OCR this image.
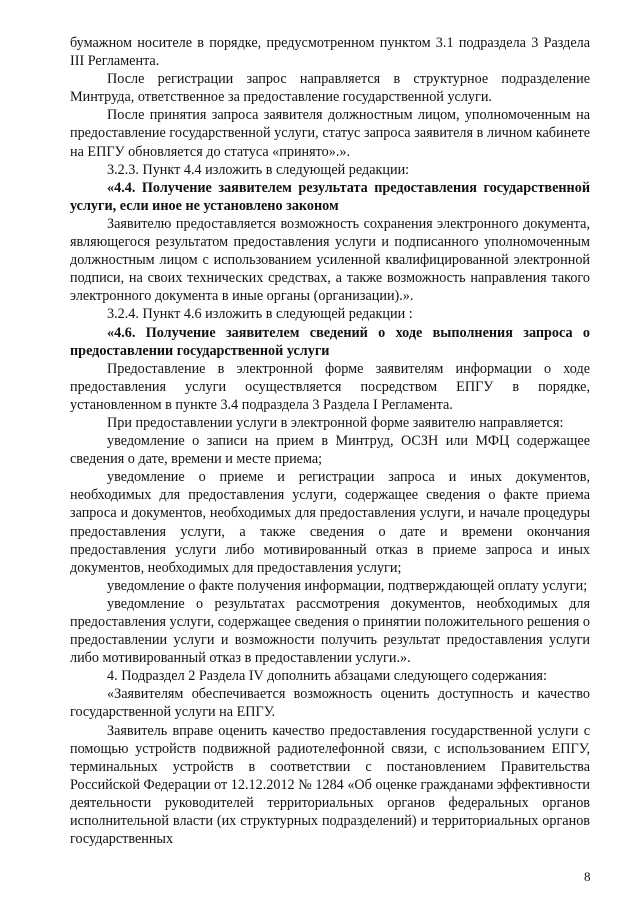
бумажном носителе в порядке, предусмотренном пунктом 3.1 подраздела 3 Раздела III Регламента.

После регистрации запрос направляется в структурное подразделение Минтруда, ответственное за предоставление государственной услуги.

После принятия запроса заявителя должностным лицом, уполномоченным на предоставление государственной услуги, статус запроса заявителя в личном кабинете на ЕПГУ обновляется до статуса «принято».».

3.2.3. Пункт 4.4 изложить в следующей редакции:

«4.4. Получение заявителем результата предоставления государственной услуги, если иное не установлено законом

Заявителю предоставляется возможность сохранения электронного документа, являющегося результатом предоставления услуги и подписанного уполномоченным должностным лицом с использованием усиленной квалифицированной электронной подписи, на своих технических средствах, а также возможность направления такого электронного документа в иные органы (организации).».

3.2.4. Пункт 4.6 изложить в следующей редакции :

«4.6. Получение заявителем сведений о ходе выполнения запроса о предоставлении государственной услуги

Предоставление в электронной форме заявителям информации о ходе предоставления услуги осуществляется посредством ЕПГУ в порядке, установленном в пункте 3.4 подраздела 3 Раздела I Регламента.

При предоставлении услуги в электронной форме заявителю направляется:

уведомление о записи на прием в Минтруд, ОСЗН или МФЦ содержащее сведения о дате, времени и месте приема;

уведомление о приеме и регистрации запроса и иных документов, необходимых для предоставления услуги, содержащее сведения о факте приема запроса и документов, необходимых для предоставления услуги, и начале процедуры предоставления услуги, а также сведения о дате и времени окончания предоставления услуги либо мотивированный отказ в приеме запроса и иных документов, необходимых для предоставления услуги;

уведомление о факте получения информации, подтверждающей оплату услуги;

уведомление о результатах рассмотрения документов, необходимых для предоставления услуги, содержащее сведения о принятии положительного решения о предоставлении услуги и возможности получить результат предоставления услуги либо мотивированный отказ в предоставлении услуги.».

4. Подраздел 2 Раздела IV дополнить абзацами следующего содержания:

«Заявителям обеспечивается возможность оценить доступность и качество государственной услуги на ЕПГУ.

Заявитель вправе оценить качество предоставления государственной услуги с помощью устройств подвижной радиотелефонной связи, с использованием ЕПГУ, терминальных устройств в соответствии с постановлением Правительства Российской Федерации от 12.12.2012 № 1284 «Об оценке гражданами эффективности деятельности руководителей территориальных органов федеральных органов исполнительной власти (их структурных подразделений) и территориальных органов государственных

8
